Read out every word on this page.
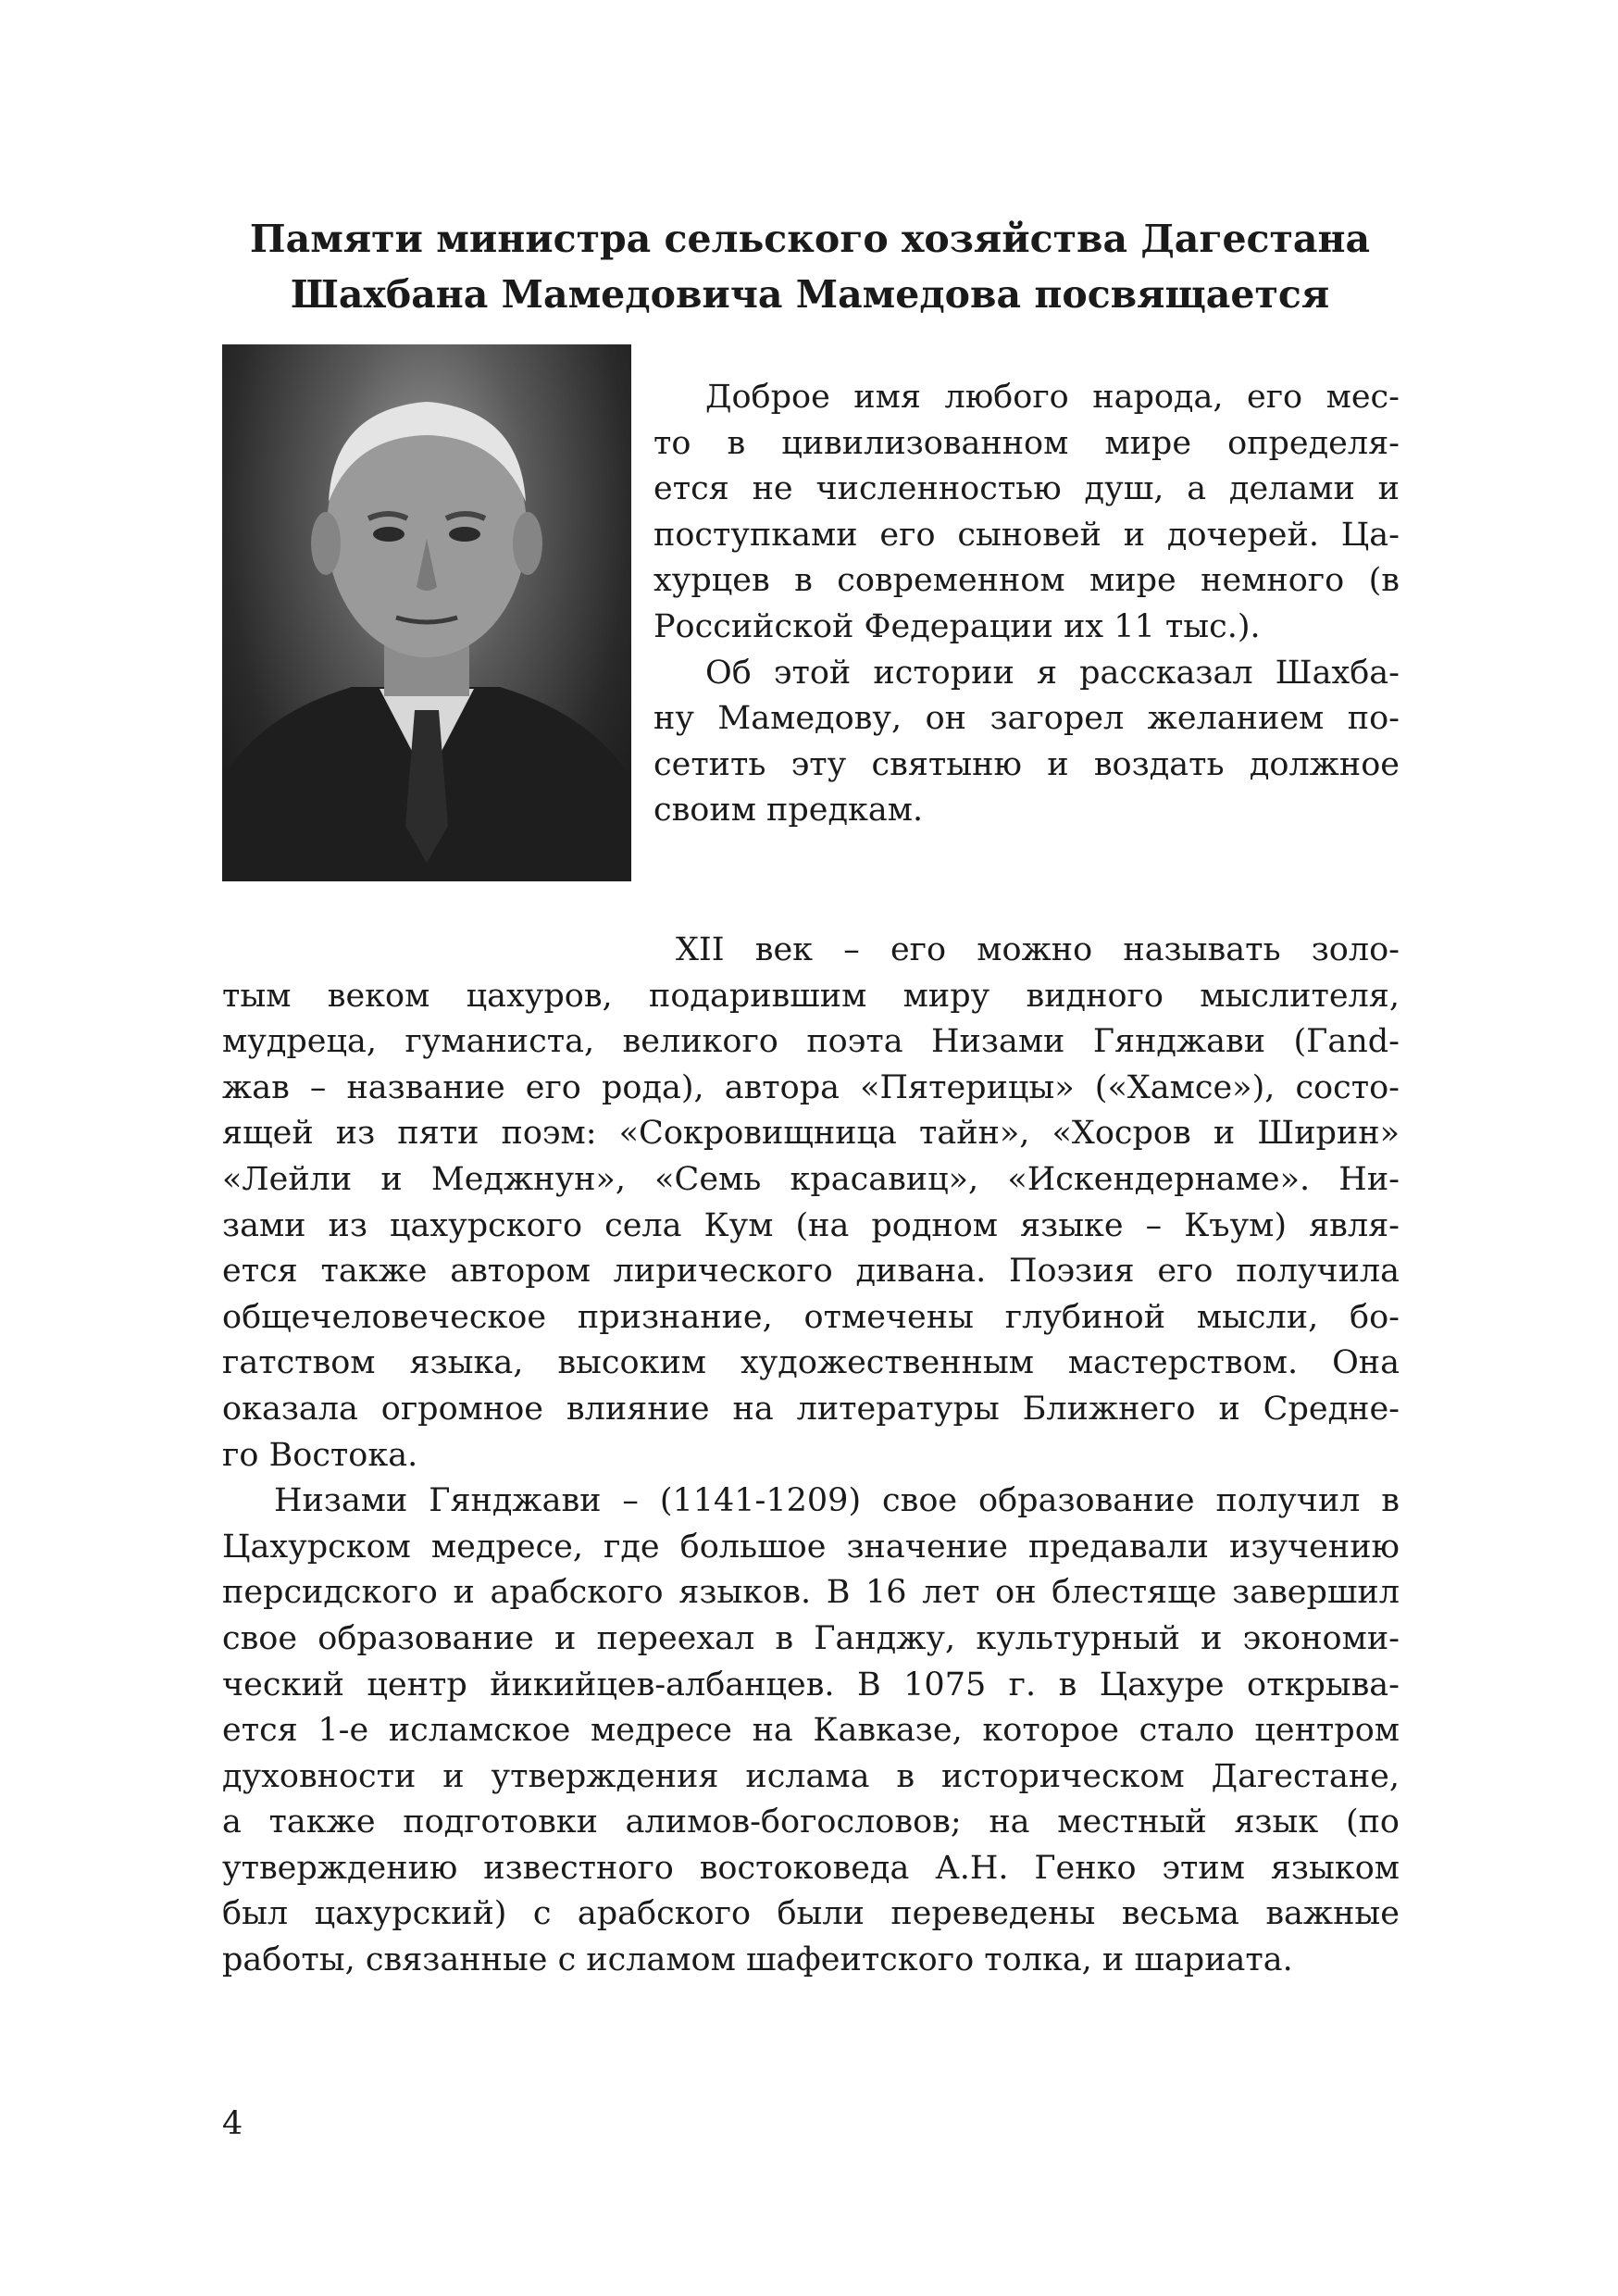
Памяти министра сельского хозяйства Дагестана
Шахбана Мамедовича Мамедова посвящается
Доброе имя любого народа, его мес-
то в цивилизованном мире определя-
ется не численностью душ, а делами и
поступками его сыновей и дочерей. Ца-
хурцев в современном мире немного (в
Российской Федерации их 11 тыс.).
Об этой истории я рассказал Шахба-
ну Мамедову, он загорел желанием по-
сетить эту святыню и воздать должное
своим предкам.
XII век – его можно называть золо-
тым веком цахуров, подарившим миру видного мыслителя,
мудреца, гуманиста, великого поэта Низами Гянджави (Гand-
жав – название его рода), автора «Пятерицы» («Хамсе»), состо-
ящей из пяти поэм: «Сокровищница тайн», «Хосров и Ширин»
«Лейли и Меджнун», «Семь красавиц», «Искендернаме». Ни-
зами из цахурского села Кум (на родном языке – Къум) явля-
ется также автором лирического дивана. Поэзия его получила
общечеловеческое признание, отмечены глубиной мысли, бо-
гатством языка, высоким художественным мастерством. Она
оказала огромное влияние на литературы Ближнего и Средне-
го Востока.
Низами Гянджави – (1141-1209) свое образование получил в
Цахурском медресе, где большое значение предавали изучению
персидского и арабского языков. В 16 лет он блестяще завершил
свое образование и переехал в Ганджу, культурный и экономи-
ческий центр йикийцев-албанцев. В 1075 г. в Цахуре открыва-
ется 1-е исламское медресе на Кавказе, которое стало центром
духовности и утверждения ислама в историческом Дагестане,
а также подготовки алимов-богословов; на местный язык (по
утверждению известного востоковеда А.Н. Генко этим языком
был цахурский) с арабского были переведены весьма важные
работы, связанные с исламом шафеитского толка, и шариата.

4
